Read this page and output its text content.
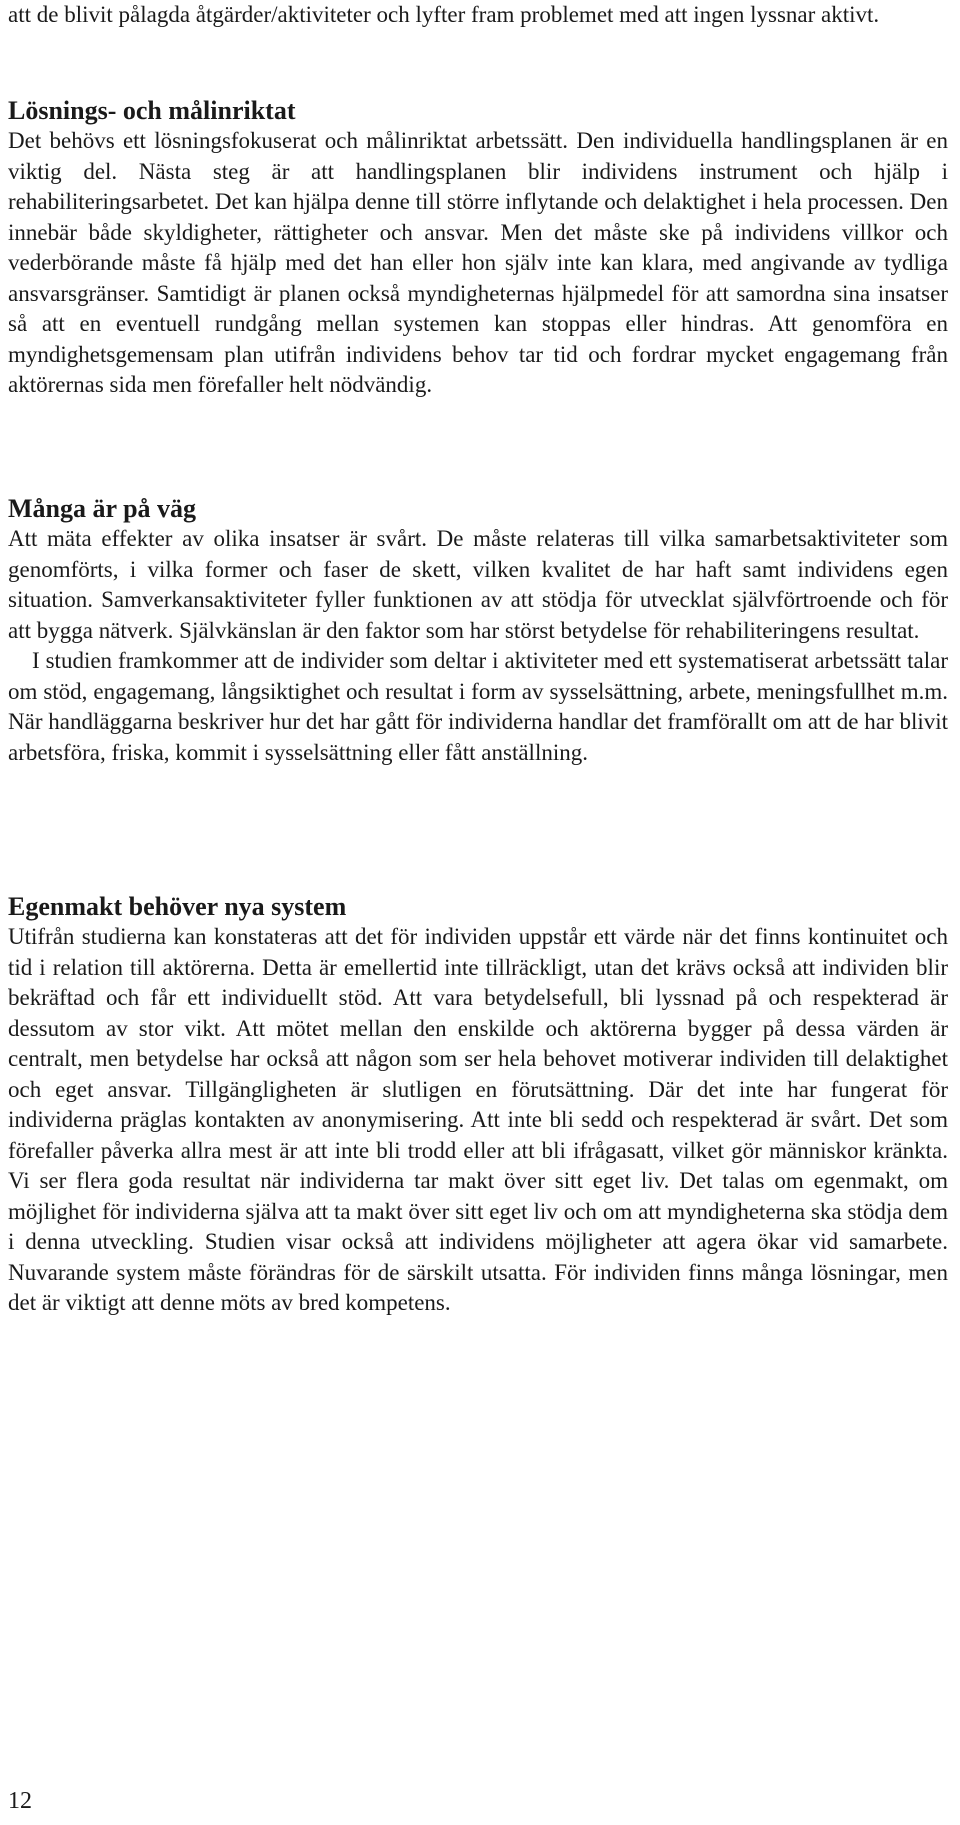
att de blivit pålagda åtgärder/aktiviteter och lyfter fram problemet med att ingen lyssnar aktivt.

Lösnings- och målinriktat

Det behövs ett lösningsfokuserat och målinriktat arbetssätt. Den individuella handlingsplanen är en viktig del. Nästa steg är att handlingsplanen blir individens instrument och hjälp i rehabiliteringsarbetet. Det kan hjälpa denne till större inflytande och delaktighet i hela processen. Den innebär både skyldigheter, rättigheter och ansvar. Men det måste ske på individens villkor och vederbörande måste få hjälp med det han eller hon själv inte kan klara, med angivande av tydliga ansvarsgränser. Samtidigt är planen också myndigheternas hjälpmedel för att samordna sina insatser så att en eventuell rundgång mellan systemen kan stoppas eller hindras. Att genomföra en myndighetsgemensam plan utifrån individens behov tar tid och fordrar mycket engagemang från aktörernas sida men förefaller helt nödvändig.

Många är på väg

Att mäta effekter av olika insatser är svårt. De måste relateras till vilka samarbetsaktiviteter som genomförts, i vilka former och faser de skett, vilken kvalitet de har haft samt individens egen situation. Samverkansaktiviteter fyller funktionen av att stödja för utvecklat självförtroende och för att bygga nätverk. Självkänslan är den faktor som har störst betydelse för rehabiliteringens resultat.

I studien framkommer att de individer som deltar i aktiviteter med ett systematiserat arbetssätt talar om stöd, engagemang, långsiktighet och resultat i form av sysselsättning, arbete, meningsfullhet m.m. När handläggarna beskriver hur det har gått för individerna handlar det framförallt om att de har blivit arbetsföra, friska, kommit i sysselsättning eller fått anställning.

Egenmakt behöver nya system

Utifrån studierna kan konstateras att det för individen uppstår ett värde när det finns kontinuitet och tid i relation till aktörerna. Detta är emellertid inte tillräckligt, utan det krävs också att individen blir bekräftad och får ett individuellt stöd. Att vara betydelsefull, bli lyssnad på och respekterad är dessutom av stor vikt. Att mötet mellan den enskilde och aktörerna bygger på dessa värden är centralt, men betydelse har också att någon som ser hela behovet motiverar individen till delaktighet och eget ansvar. Tillgängligheten är slutligen en förutsättning. Där det inte har fungerat för individerna präglas kontakten av anonymisering. Att inte bli sedd och respekterad är svårt. Det som förefaller påverka allra mest är att inte bli trodd eller att bli ifrågasatt, vilket gör människor kränkta. Vi ser flera goda resultat när individerna tar makt över sitt eget liv. Det talas om egenmakt, om möjlighet för individerna själva att ta makt över sitt eget liv och om att myndigheterna ska stödja dem i denna utveckling. Studien visar också att individens möjligheter att agera ökar vid samarbete. Nuvarande system måste förändras för de särskilt utsatta. För individen finns många lösningar, men det är viktigt att denne möts av bred kompetens.

12
